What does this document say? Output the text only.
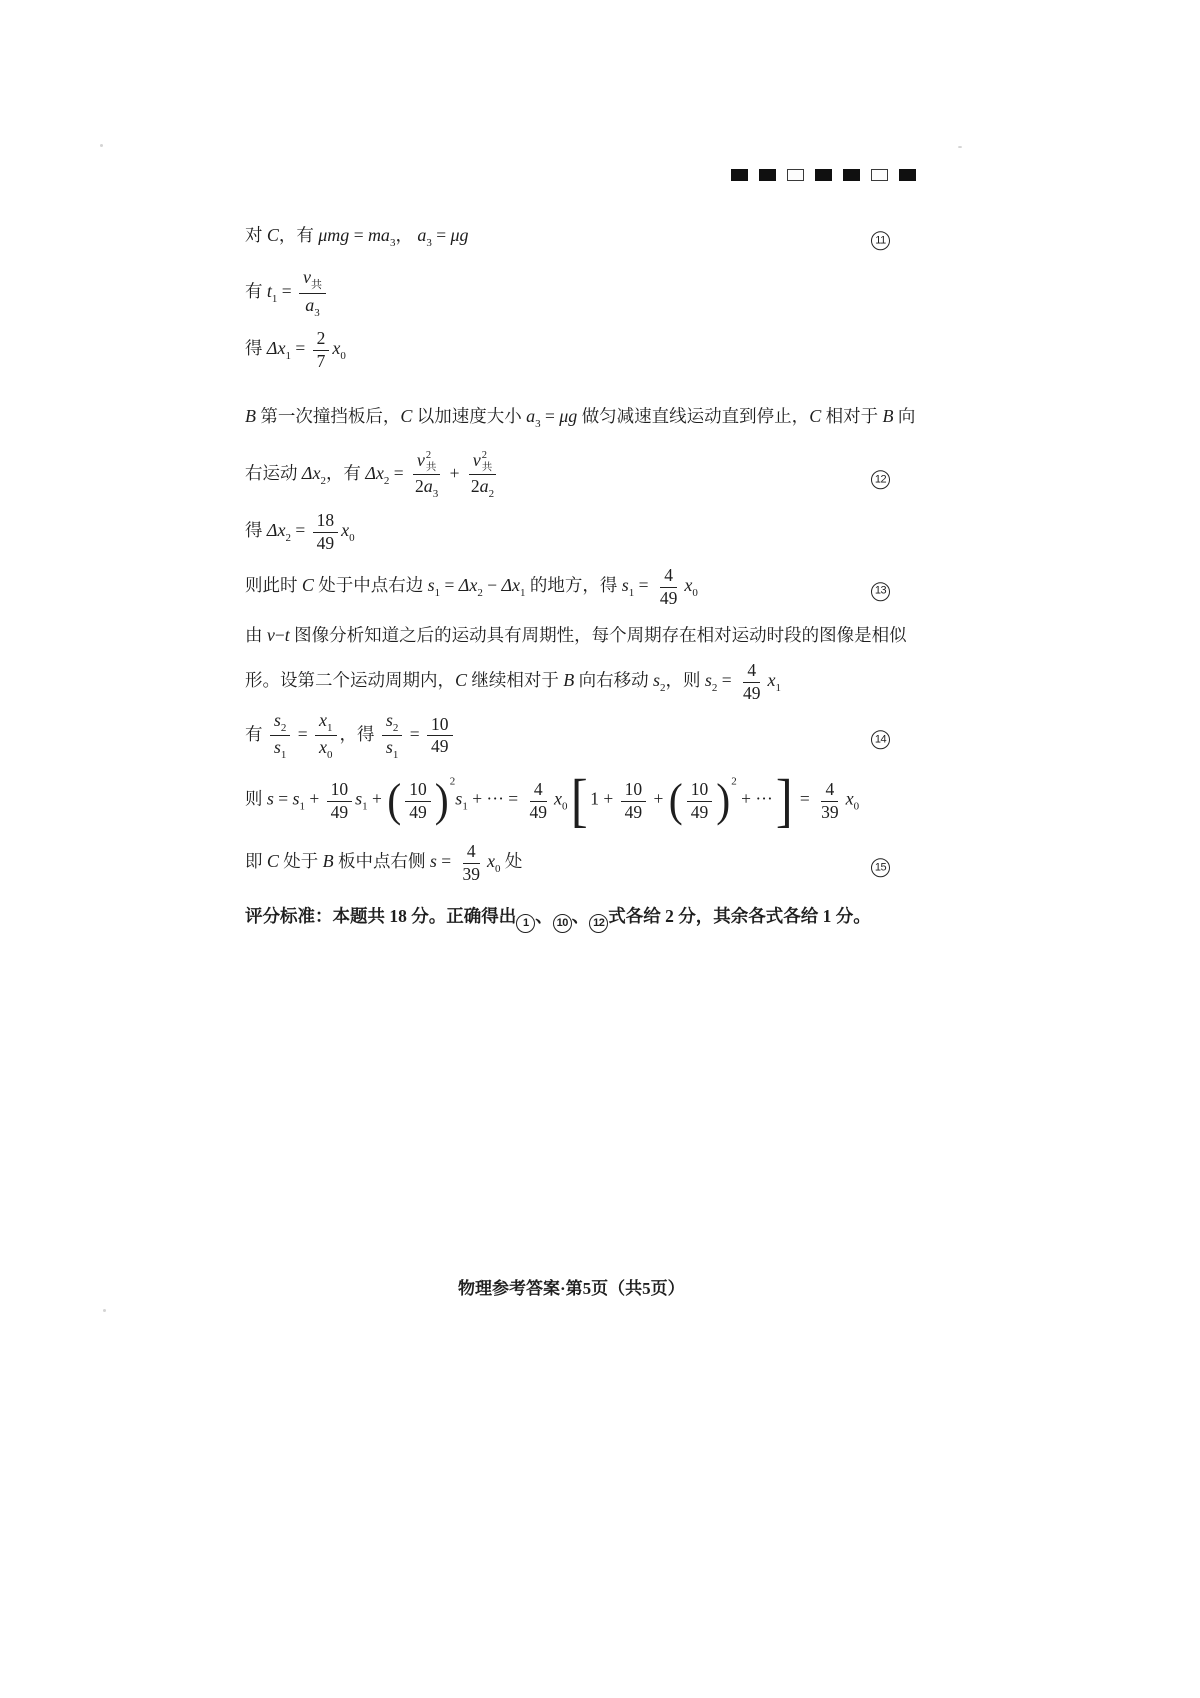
对 C，有 $\mu mg = ma_3$， $a_3 = \mu g$	11
有 $t_1 = \frac{v_共}{a_3}$
得 $\Delta x_1 = \frac{2}{7} x_0$
B 第一次撞挡板后，C 以加速度大小 $a_3 = \mu g$ 做匀减速直线运动直到停止，C 相对于 B 向
右运动 $\Delta x_2$，有 $\Delta x_2 = v$ 2
共
$2a_3 + v$ 2
共
$2a_2$	12
得 $\Delta x_2 = \frac{18}{49} x_0$
则此时 C 处于中点右边 $s_1 = \Delta x_2 - \Delta x_1$ 的地方，得 $s_1 = \frac{4}{49} x_0$	13
由 v−t 图像分析知道之后的运动具有周期性，每个周期存在相对运动时段的图像是相似
形。设第二个运动周期内，C 继续相对于 B 向右移动 $s_2$，则 $s_2 = \frac{4}{49} x_1$
有 $\frac{s_2}{s_1} = \frac{x_1}{x_0}$ ，得 $\frac{s_2}{s_1} = \frac{10}{49}$	14
则 $s = s_1 + \frac{10}{49} s_1$ + ( $\frac{10}{49} )^2s_1$ + ··· = $\frac{4}{49} x_0$[ $1 + \frac{10}{49}$ + ( $\frac{10}{49} )^2$ + ···] = $\frac{4}{39} x_0$
即 C 处于 B 板中点右侧 $s = \frac{4}{39} x_0$ 处	15
评分标准：本题共 18 分。正确得出 1 、 10 、 12 式各给 2 分，其余各式各给 1 分。
物理参考答案·第5页（共5页）
